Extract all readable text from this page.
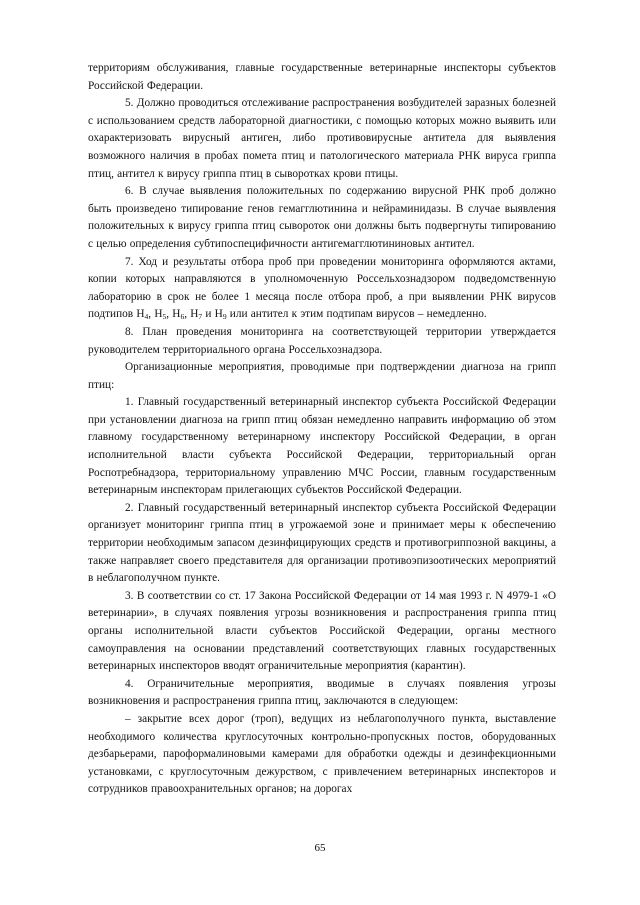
территориям обслуживания, главные государственные ветеринарные инспекторы субъектов Российской Федерации.

5. Должно проводиться отслеживание распространения возбудителей заразных болезней с использованием средств лабораторной диагностики, с помощью которых можно выявить или охарактеризовать вирусный антиген, либо противовирусные антитела для выявления возможного наличия в пробах помета птиц и патологического материала РНК вируса гриппа птиц, антител к вирусу гриппа птиц в сыворотках крови птицы.

6. В случае выявления положительных по содержанию вирусной РНК проб должно быть произведено типирование генов гемагглютинина и нейраминидазы. В случае выявления положительных к вирусу гриппа птиц сывороток они должны быть подвергнуты типированию с целью определения субтипоспецифичности антигемагглютининовых антител.

7. Ход и результаты отбора проб при проведении мониторинга оформляются актами, копии которых направляются в уполномоченную Россельхознадзором подведомственную лабораторию в срок не более 1 месяца после отбора проб, а при выявлении РНК вирусов подтипов $Н_4$, $Н_5$, $Н_6$, $Н_7$ и $Н_9$ или антител к этим подтипам вирусов – немедленно.

8. План проведения мониторинга на соответствующей территории утверждается руководителем территориального органа Россельхознадзора.

Организационные мероприятия, проводимые при подтверждении диагноза на грипп птиц:

1. Главный государственный ветеринарный инспектор субъекта Российской Федерации при установлении диагноза на грипп птиц обязан немедленно направить информацию об этом главному государственному ветеринарному инспектору Российской Федерации, в орган исполнительной власти субъекта Российской Федерации, территориальный орган Роспотребнадзора, территориальному управлению МЧС России, главным государственным ветеринарным инспекторам прилегающих субъектов Российской Федерации.

2. Главный государственный ветеринарный инспектор субъекта Российской Федерации организует мониторинг гриппа птиц в угрожаемой зоне и принимает меры к обеспечению территории необходимым запасом дезинфицирующих средств и противогриппозной вакцины, а также направляет своего представителя для организации противоэпизоотических мероприятий в неблагополучном пункте.

3. В соответствии со ст. 17 Закона Российской Федерации от 14 мая 1993 г. N 4979-1 «О ветеринарии», в случаях появления угрозы возникновения и распространения гриппа птиц органы исполнительной власти субъектов Российской Федерации, органы местного самоуправления на основании представлений соответствующих главных государственных ветеринарных инспекторов вводят ограничительные мероприятия (карантин).

4. Ограничительные мероприятия, вводимые в случаях появления угрозы возникновения и распространения гриппа птиц, заключаются в следующем:

– закрытие всех дорог (троп), ведущих из неблагополучного пункта, выставление необходимого количества круглосуточных контрольно-пропускных постов, оборудованных дезбарьерами, пароформалиновыми камерами для обработки одежды и дезинфекционными установками, с круглосуточным дежурством, с привлечением ветеринарных инспекторов и сотрудников правоохранительных органов; на дорогах

65
